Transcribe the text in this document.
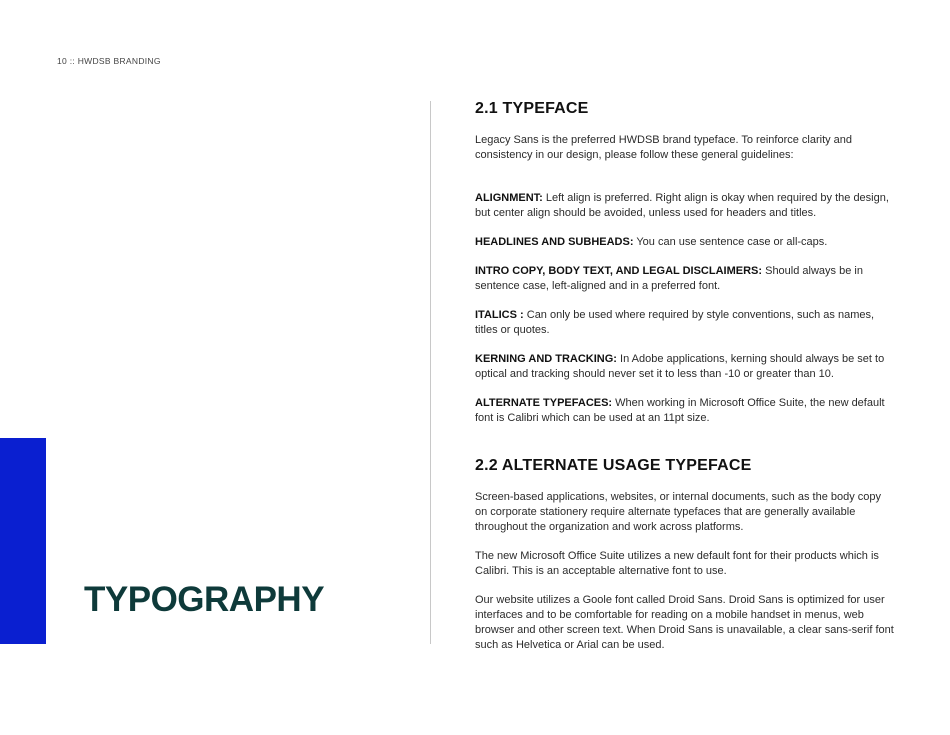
10 :: HWDSB BRANDING
TYPOGRAPHY
2.1 TYPEFACE

Legacy Sans is the preferred HWDSB brand typeface. To reinforce clarity and consistency in our design, please follow these general guidelines:

ALIGNMENT: Left align is preferred. Right align is okay when required by the design, but center align should be avoided, unless used for headers and titles.

HEADLINES AND SUBHEADS: You can use sentence case or all-caps.

INTRO COPY, BODY TEXT, AND LEGAL DISCLAIMERS: Should always be in sentence case, left-aligned and in a preferred font.

ITALICS : Can only be used where required by style conventions, such as names, titles or quotes.

KERNING AND TRACKING: In Adobe applications, kerning should always be set to optical and tracking should never set it to less than -10 or greater than 10.

ALTERNATE TYPEFACES: When working in Microsoft Office Suite, the new default font is Calibri which can be used at an 11pt size.

2.2 ALTERNATE USAGE TYPEFACE

Screen-based applications, websites, or internal documents, such as the body copy on corporate stationery require alternate typefaces that are generally available throughout the organization and work across platforms.

The new Microsoft Office Suite utilizes a new default font for their products which is Calibri. This is an acceptable alternative font to use.

Our website utilizes a Goole font called Droid Sans. Droid Sans is optimized for user interfaces and to be comfortable for reading on a mobile handset in menus, web browser and other screen text. When Droid Sans is unavailable, a clear sans-serif font such as Helvetica or Arial can be used.
